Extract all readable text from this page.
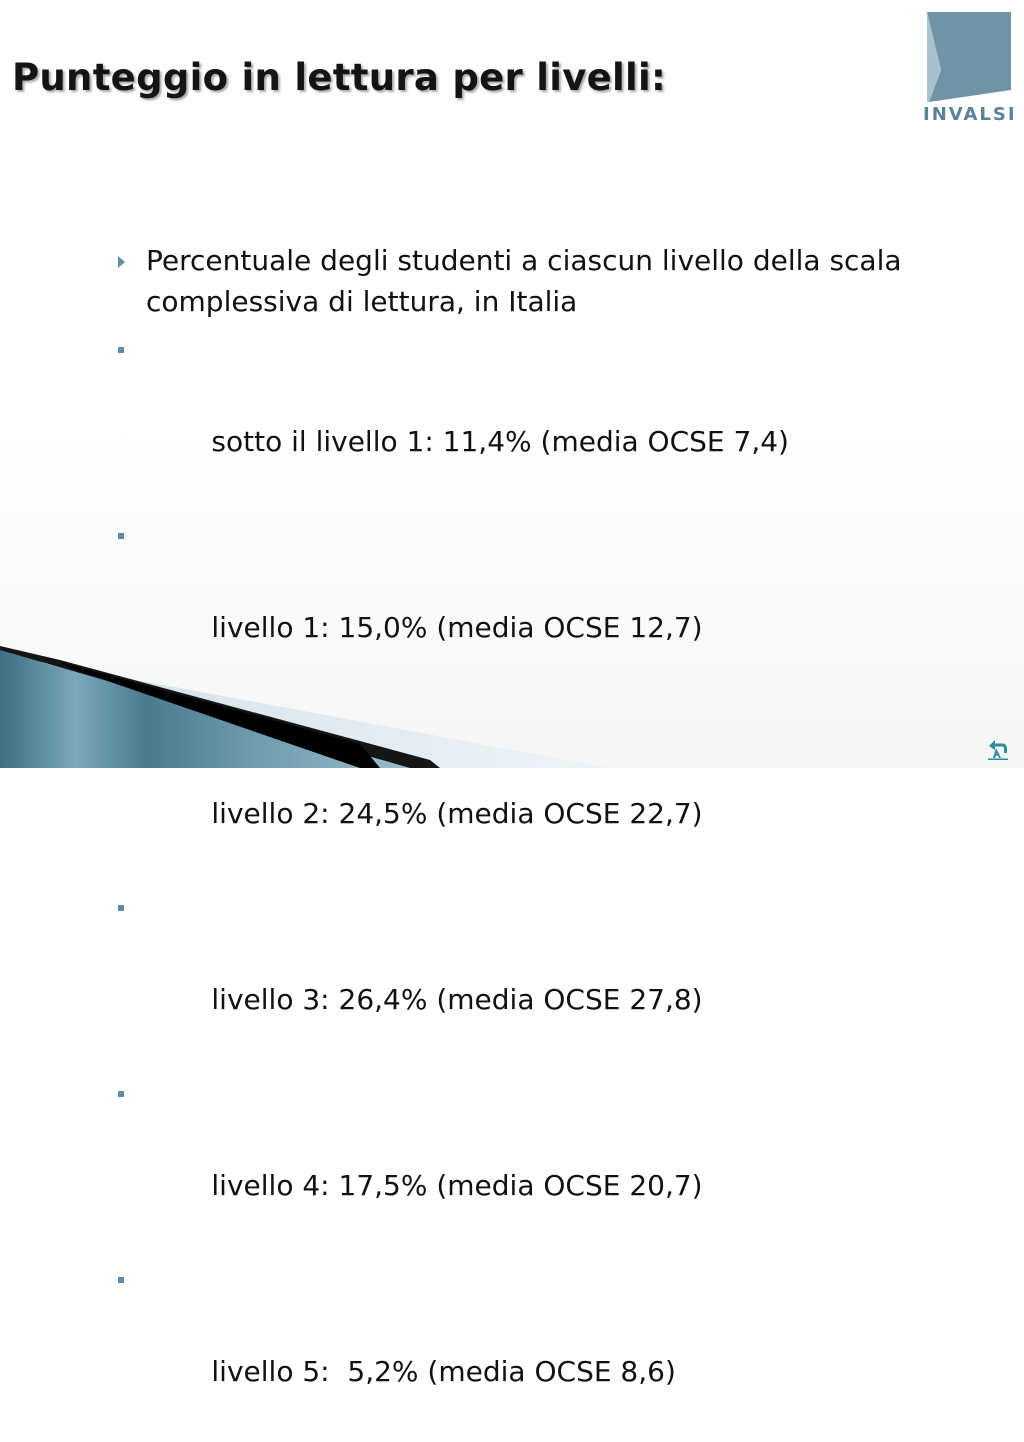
Punteggio in lettura per livelli:
INVALSI
Percentuale degli studenti a ciascun livello della scala complessiva di lettura, in Italia

sotto il livello 1: 11,4% (media OCSE 7,4)

livello 1: 15,0% (media OCSE 12,7)

livello 2: 24,5% (media OCSE 22,7)

livello 3: 26,4% (media OCSE 27,8)

livello 4: 17,5% (media OCSE 20,7)

livello 5:  5,2% (media OCSE 8,6)
